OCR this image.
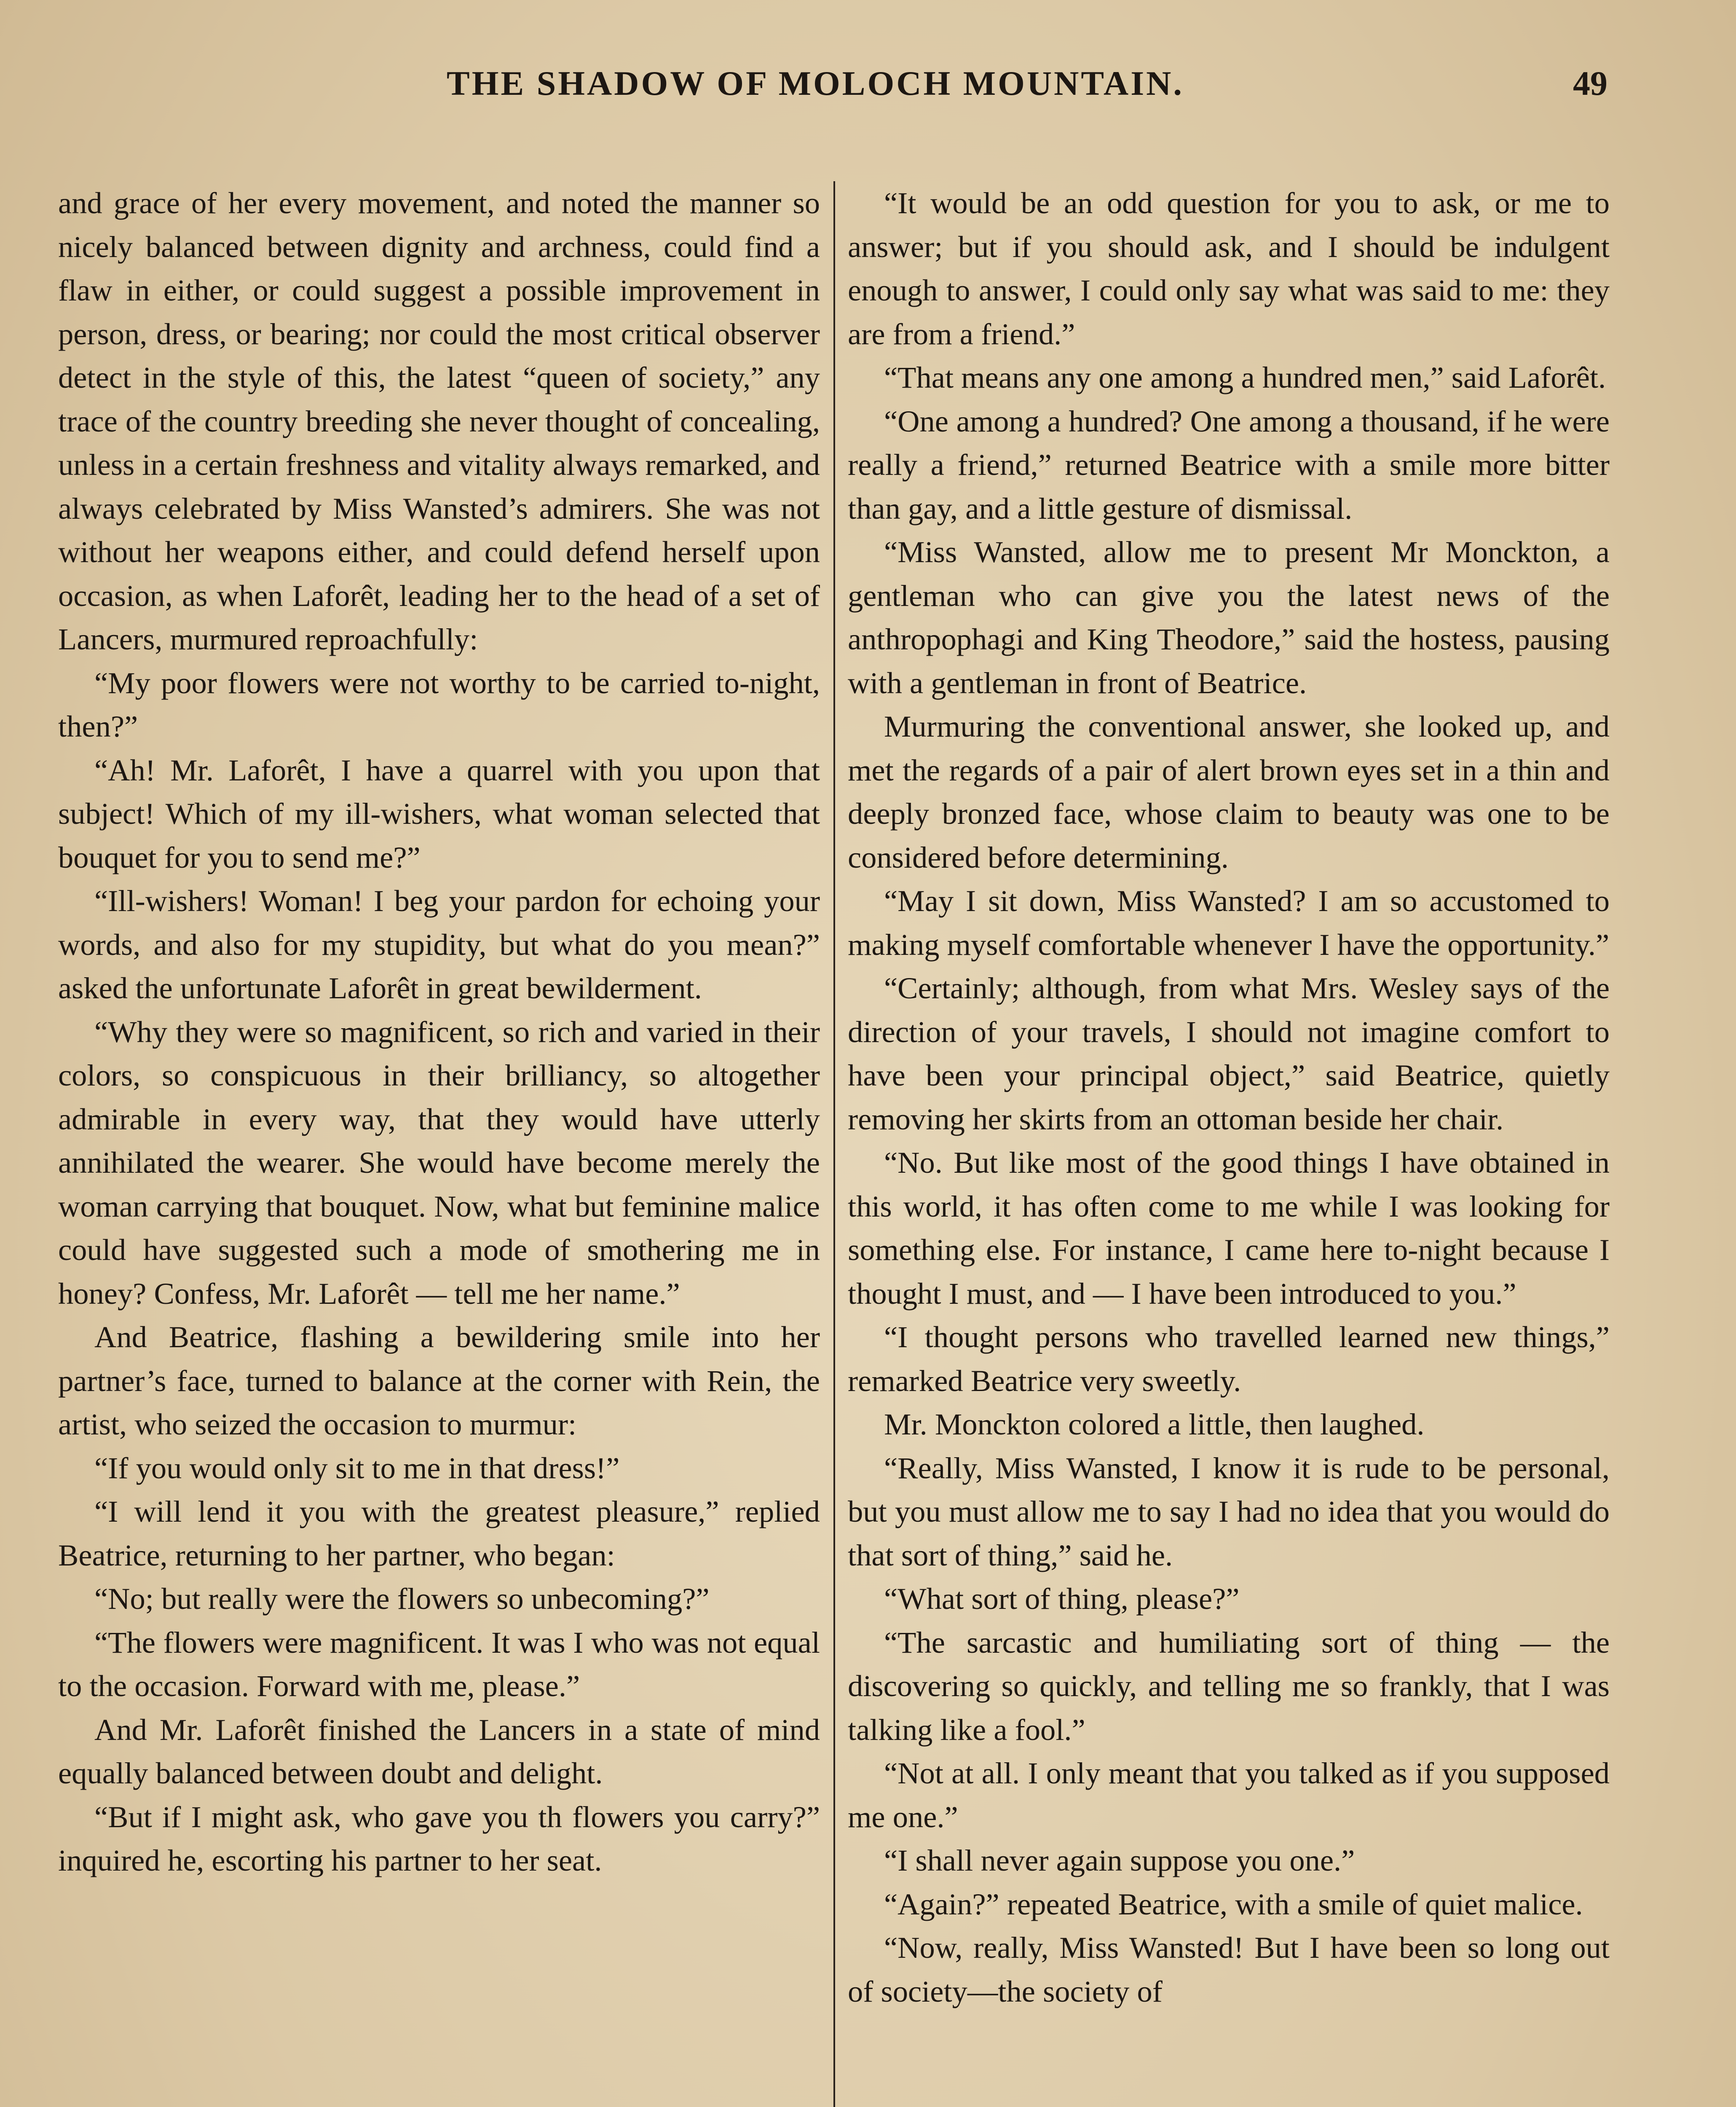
THE SHADOW OF MOLOCH MOUNTAIN.	49

and grace of her every movement, and noted the manner so nicely balanced between dignity and archness, could find a flaw in either, or could suggest a possible improvement in person, dress, or bearing; nor could the most critical observer detect in the style of this, the latest “queen of society,” any trace of the country breeding she never thought of concealing, unless in a certain freshness and vitality always remarked, and always celebrated by Miss Wansted’s admirers. She was not without her weapons either, and could defend herself upon occasion, as when Laforêt, leading her to the head of a set of Lancers, murmured reproachfully:

“My poor flowers were not worthy to be carried to-night, then?”

“Ah! Mr. Laforêt, I have a quarrel with you upon that subject! Which of my ill-wishers, what woman selected that bouquet for you to send me?”

“Ill-wishers! Woman! I beg your pardon for echoing your words, and also for my stupidity, but what do you mean?” asked the unfortunate Laforêt in great bewilderment.

“Why they were so magnificent, so rich and varied in their colors, so conspicuous in their brilliancy, so altogether admirable in every way, that they would have utterly annihilated the wearer. She would have become merely the woman carrying that bouquet. Now, what but feminine malice could have suggested such a mode of smothering me in honey? Confess, Mr. Laforêt — tell me her name.”

And Beatrice, flashing a bewildering smile into her partner’s face, turned to balance at the corner with Rein, the artist, who seized the occasion to murmur:

“If you would only sit to me in that dress!”

“I will lend it you with the greatest pleasure,” replied Beatrice, returning to her partner, who began:

“No; but really were the flowers so unbecoming?”

“The flowers were magnificent. It was I who was not equal to the occasion. Forward with me, please.”

And Mr. Laforêt finished the Lancers in a state of mind equally balanced between doubt and delight.

“But if I might ask, who gave you th flowers you carry?” inquired he, escorting his partner to her seat.

“It would be an odd question for you to ask, or me to answer; but if you should ask, and I should be indulgent enough to answer, I could only say what was said to me: they are from a friend.”

“That means any one among a hundred men,” said Laforêt.

“One among a hundred? One among a thousand, if he were really a friend,” returned Beatrice with a smile more bitter than gay, and a little gesture of dismissal.

“Miss Wansted, allow me to present Mr Monckton, a gentleman who can give you the latest news of the anthropophagi and King Theodore,” said the hostess, pausing with a gentleman in front of Beatrice.

Murmuring the conventional answer, she looked up, and met the regards of a pair of alert brown eyes set in a thin and deeply bronzed face, whose claim to beauty was one to be considered before determining.

“May I sit down, Miss Wansted? I am so accustomed to making myself comfortable whenever I have the opportunity.”

“Certainly; although, from what Mrs. Wesley says of the direction of your travels, I should not imagine comfort to have been your principal object,” said Beatrice, quietly removing her skirts from an ottoman beside her chair.

“No. But like most of the good things I have obtained in this world, it has often come to me while I was looking for something else. For instance, I came here to-night because I thought I must, and — I have been introduced to you.”

“I thought persons who travelled learned new things,” remarked Beatrice very sweetly.

Mr. Monckton colored a little, then laughed.

“Really, Miss Wansted, I know it is rude to be personal, but you must allow me to say I had no idea that you would do that sort of thing,” said he.

“What sort of thing, please?”

“The sarcastic and humiliating sort of thing — the discovering so quickly, and telling me so frankly, that I was talking like a fool.”

“Not at all. I only meant that you talked as if you supposed me one.”

“I shall never again suppose you one.”

“Again?” repeated Beatrice, with a smile of quiet malice.

“Now, really, Miss Wansted! But I have been so long out of society—the society of
